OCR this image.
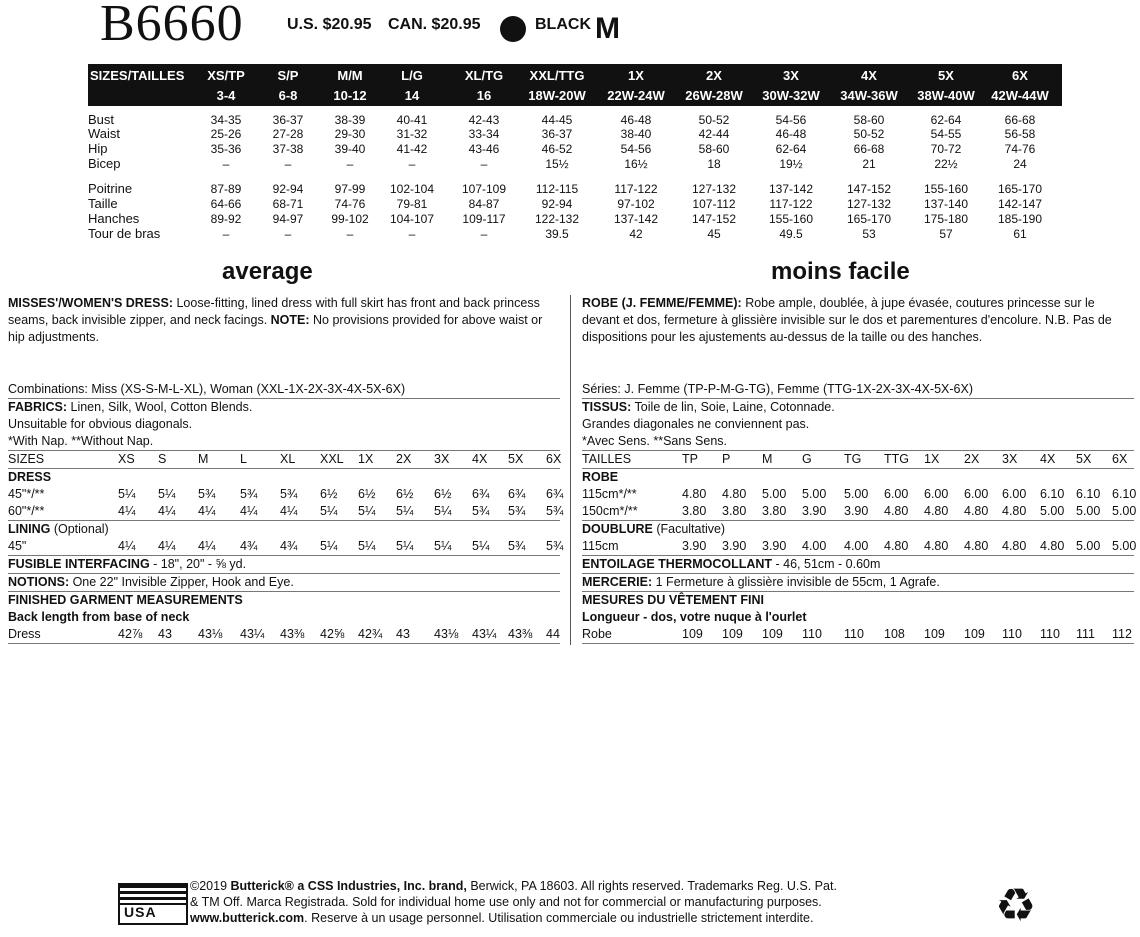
B6660	U.S. $20.95 CAN. $20.95	BLACK M
SIZES/TAILLES XS/TP	S/P	M/M	L/G	XL/TG XXL/TTG	1X	2X	3X	4X	5X	6X
3-4	6-8	10-12	14	16	18W-20W 22W-24W 26W-28W 30W-32W 34W-36W 38W-40W 42W-44W
Bust	34-35	36-37	38-39	40-41	42-43	44-45	46-48	50-52	54-56	58-60	62-64	66-68
Waist	25-26	27-28	29-30	31-32	33-34	36-37	38-40	42-44	46-48	50-52	54-55	56-58
Hip	35-36	37-38	39-40	41-42	43-46	46-52	54-56	58-60	62-64	66-68	70-72	74-76
Bicep	–	–	–	–	–	15½	16½	18	19½	21	22½	24
Poitrine	87-89	92-94	97-99 102-104 107-109 112-115	117-122	127-132	137-142	147-152	155-160 165-170
Taille	64-66	68-71	74-76	79-81	84-87	92-94	97-102	107-112	117-122	127-132	137-140 142-147
Hanches	89-92	94-97 99-102 104-107 109-117 122-132	137-142	147-152	155-160	165-170	175-180 185-190
Tour de bras	–	–	–	–	–	39.5	42	45	49.5	53	57	61
average	moins facile

MISSES'/WOMEN'S DRESS: Loose-fitting, lined dress with full skirt has front and back princess seams, back invisible zipper, and neck facings. NOTE: No provisions provided for above waist or hip adjustments.

Combinations: Miss (XS-S-M-L-XL), Woman (XXL-1X-2X-3X-4X-5X-6X)
FABRICS: Linen, Silk, Wool, Cotton Blends.
Unsuitable for obvious diagonals.
*With Nap. **Without Nap.
SIZES	XS S	M	L	XL XXL 1X 2X 3X 4X 5X 6X
DRESS
45"*/**	5¼ 5¼ 5¾ 5¾ 5¾ 6½ 6½ 6½ 6½ 6¾ 6¾ 6¾
60"*/**	4¼ 4¼ 4¼ 4¼ 4¼ 5¼ 5¼ 5¼ 5¼ 5¾ 5¾ 5¾
LINING (Optional)
45"	4¼ 4¼ 4¼ 4¾ 4¾ 5¼ 5¼ 5¼ 5¼ 5¼ 5¾ 5¾
FUSIBLE INTERFACING - 18", 20" - ⅝ yd.
NOTIONS: One 22" Invisible Zipper, Hook and Eye.
FINISHED GARMENT MEASUREMENTS
Back length from base of neck
Dress	42⅞ 43 43⅛ 43¼ 43⅜ 42⅝ 42¾ 43 43⅛ 43¼ 43⅜ 44

ROBE (J. FEMME/FEMME): Robe ample, doublée, à jupe évasée, coutures princesse sur le devant et dos, fermeture à glissière invisible sur le dos et parementures d'encolure. N.B. Pas de dispositions pour les ajustements au-dessus de la taille ou des hanches.

Séries: J. Femme (TP-P-M-G-TG), Femme (TTG-1X-2X-3X-4X-5X-6X)
TISSUS: Toile de lin, Soie, Laine, Cotonnade.
Grandes diagonales ne conviennent pas.
*Avec Sens. **Sans Sens.
TAILLES	TP P	M G	TG TTG 1X 2X 3X 4X 5X 6X
ROBE
115cm*/**	4.80 4.80 5.00 5.00 5.00 6.00 6.00 6.00 6.00 6.10 6.10 6.10
150cm*/**	3.80 3.80 3.80 3.90 3.90 4.80 4.80 4.80 4.80 5.00 5.00 5.00
DOUBLURE (Facultative)
115cm	3.90 3.90 3.90 4.00 4.00 4.80 4.80 4.80 4.80 4.80 5.00 5.00
ENTOILAGE THERMOCOLLANT - 46, 51cm - 0.60m
MERCERIE: 1 Fermeture à glissière invisible de 55cm, 1 Agrafe.
MESURES DU VÊTEMENT FINI
Longueur - dos, votre nuque à l'ourlet
Robe	109 109 109 110 110 108 109 109 110 110 111 112
USA
©2019 Butterick® a CSS Industries, Inc. brand, Berwick, PA 18603. All rights reserved. Trademarks Reg. U.S. Pat.
& TM Off. Marca Registrada. Sold for individual home use only and not for commercial or manufacturing purposes.
www.butterick.com. Reserve à un usage personnel. Utilisation commerciale ou industrielle strictement interdite.	♻
